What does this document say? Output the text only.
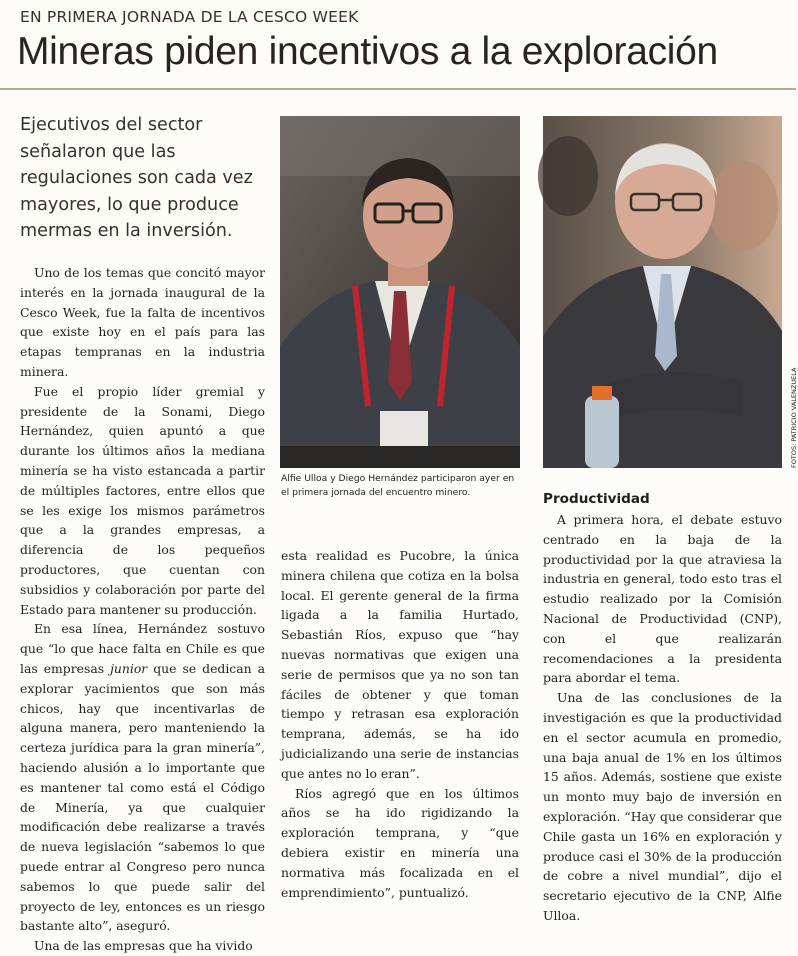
EN PRIMERA JORNADA DE LA CESCO WEEK
Mineras piden incentivos a la exploración
Ejecutivos del sector señalaron que las regulaciones son cada vez mayores, lo que produce mermas en la inversión.

Uno de los temas que concitó mayor interés en la jornada inaugural de la Cesco Week, fue la falta de incentivos que existe hoy en el país para las etapas tempranas en la industria minera.

Fue el propio líder gremial y presidente de la Sonami, Diego Hernández, quien apuntó a que durante los últimos años la mediana minería se ha visto estancada a partir de múltiples factores, entre ellos que se les exige los mismos parámetros que a la grandes empresas, a diferencia de los pequeños productores, que cuentan con subsidios y colaboración por parte del Estado para mantener su producción.

En esa línea, Hernández sostuvo que “lo que hace falta en Chile es que las empresas junior que se dedican a explorar yacimientos que son más chicos, hay que incentivarlas de alguna manera, pero manteniendo la certeza jurídica para la gran minería”, haciendo alusión a lo importante que es mantener tal como está el Código de Minería, ya que cualquier modificación debe realizarse a través de nueva legislación “sabemos lo que puede entrar al Congreso pero nunca sabemos lo que puede salir del proyecto de ley, entonces es un riesgo bastante alto”, aseguró.

Una de las empresas que ha vivido

FOTOS: PATRICIO VALENZUELA
Alfie Ulloa y Diego Hernández participaron ayer en el primera jornada del encuentro minero.

esta realidad es Pucobre, la única minera chilena que cotiza en la bolsa local. El gerente general de la firma ligada a la familia Hurtado, Sebastián Ríos, expuso que “hay nuevas normativas que exigen una serie de permisos que ya no son tan fáciles de obtener y que toman tiempo y retrasan esa exploración temprana, además, se ha ido judicializando una serie de instancias que antes no lo eran”.

Ríos agregó que en los últimos años se ha ido rigidizando la exploración temprana, y “que debiera existir en minería una normativa más focalizada en el emprendimiento”, puntualizó.

Productividad

A primera hora, el debate estuvo centrado en la baja de la productividad por la que atraviesa la industria en general, todo esto tras el estudio realizado por la Comisión Nacional de Productividad (CNP), con el que realizarán recomendaciones a la presidenta para abordar el tema.

Una de las conclusiones de la investigación es que la productividad en el sector acumula en promedio, una baja anual de 1% en los últimos 15 años. Además, sostiene que existe un monto muy bajo de inversión en exploración. “Hay que considerar que Chile gasta un 16% en exploración y produce casi el 30% de la producción de cobre a nivel mundial”, dijo el secretario ejecutivo de la CNP, Alfie Ulloa.
